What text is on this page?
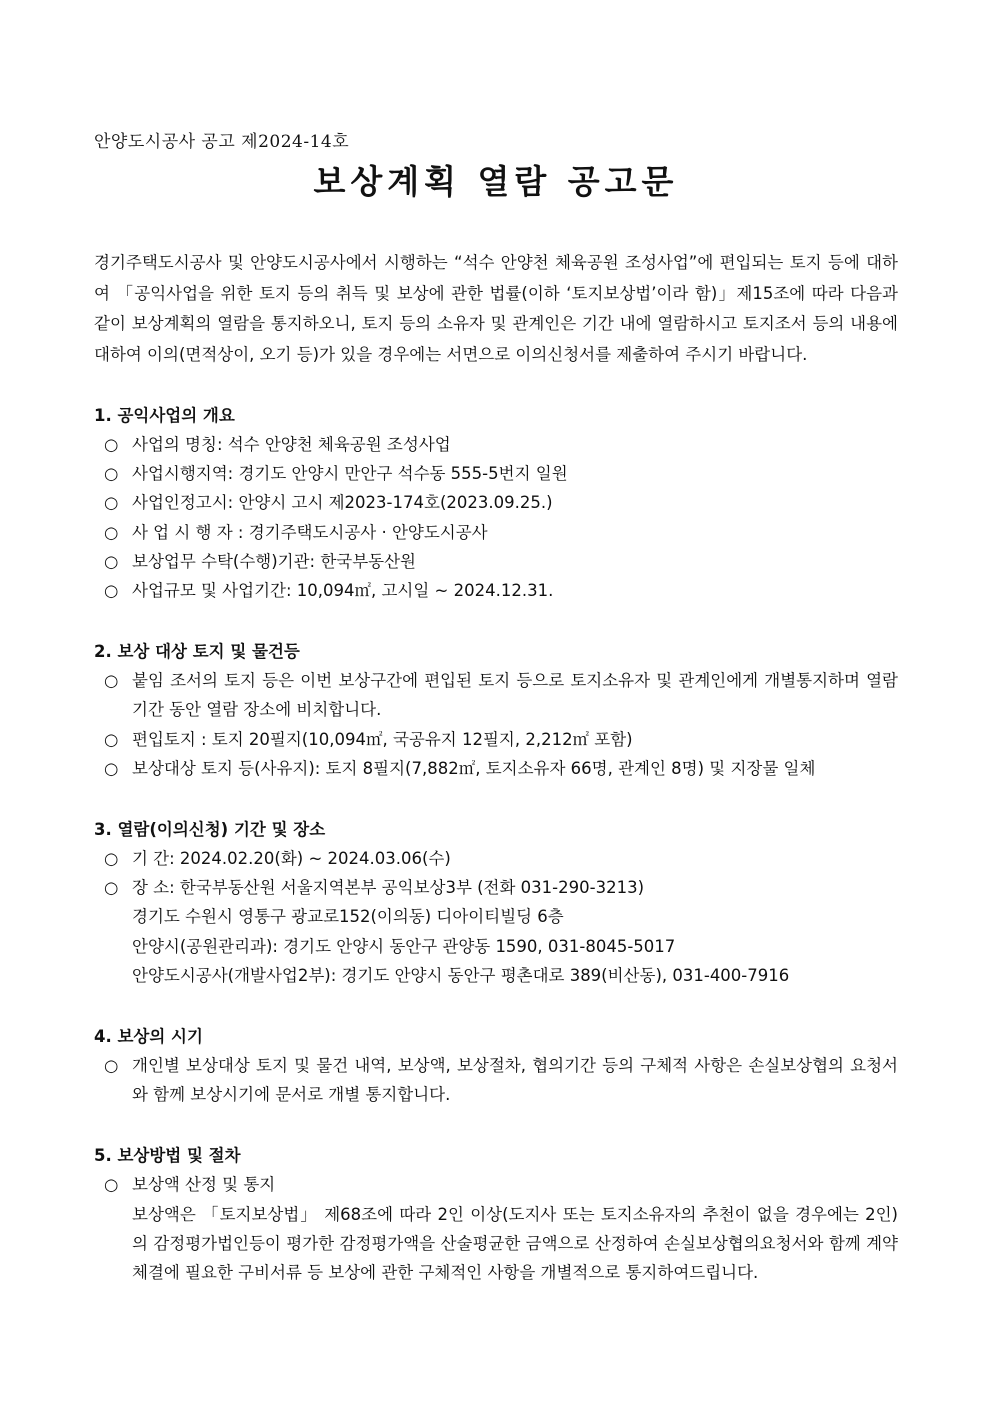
안양도시공사 공고 제2024-14호

보상계획 열람 공고문
경기주택도시공사 및 안양도시공사에서 시행하는 “석수 안양천 체육공원 조성사업”에 편입되는 토지 등에 대하여 「공익사업을 위한 토지 등의 취득 및 보상에 관한 법률(이하 ‘토지보상법’이라 함)」제15조에 따라 다음과 같이 보상계획의 열람을 통지하오니, 토지 등의 소유자 및 관계인은 기간 내에 열람하시고 토지조서 등의 내용에 대하여 이의(면적상이, 오기 등)가 있을 경우에는 서면으로 이의신청서를 제출하여 주시기 바랍니다.
1. 공익사업의 개요
○ 사업의 명칭: 석수 안양천 체육공원 조성사업
○ 사업시행지역: 경기도 안양시 만안구 석수동 555-5번지 일원
○ 사업인정고시: 안양시 고시 제2023-174호(2023.09.25.)
○ 사 업 시 행 자 : 경기주택도시공사 · 안양도시공사
○ 보상업무 수탁(수행)기관: 한국부동산원
○ 사업규모 및 사업기간: 10,094㎡, 고시일 ~ 2024.12.31.
2. 보상 대상 토지 및 물건등
○ 붙임 조서의 토지 등은 이번 보상구간에 편입된 토지 등으로 토지소유자 및 관계인에게 개별통지하며 열람기간 동안 열람 장소에 비치합니다.
○ 편입토지 : 토지 20필지(10,094㎡, 국공유지 12필지, 2,212㎡ 포함)
○ 보상대상 토지 등(사유지): 토지 8필지(7,882㎡, 토지소유자 66명, 관계인 8명) 및 지장물 일체
3. 열람(이의신청) 기간 및 장소
○ 기 간: 2024.02.20(화) ~ 2024.03.06(수)
○ 장 소: 한국부동산원 서울지역본부 공익보상3부 (전화 031-290-3213)
경기도 수원시 영통구 광교로152(이의동) 디아이티빌딩 6층
안양시(공원관리과): 경기도 안양시 동안구 관양동 1590, 031-8045-5017
안양도시공사(개발사업2부): 경기도 안양시 동안구 평촌대로 389(비산동), 031-400-7916
4. 보상의 시기
○ 개인별 보상대상 토지 및 물건 내역, 보상액, 보상절차, 협의기간 등의 구체적 사항은 손실보상협의 요청서와 함께 보상시기에 문서로 개별 통지합니다.
5. 보상방법 및 절차
○ 보상액 산정 및 통지
보상액은 「토지보상법」 제68조에 따라 2인 이상(도지사 또는 토지소유자의 추천이 없을 경우에는 2인)의 감정평가법인등이 평가한 감정평가액을 산술평균한 금액으로 산정하여 손실보상협의요청서와 함께 계약체결에 필요한 구비서류 등 보상에 관한 구체적인 사항을 개별적으로 통지하여드립니다.
